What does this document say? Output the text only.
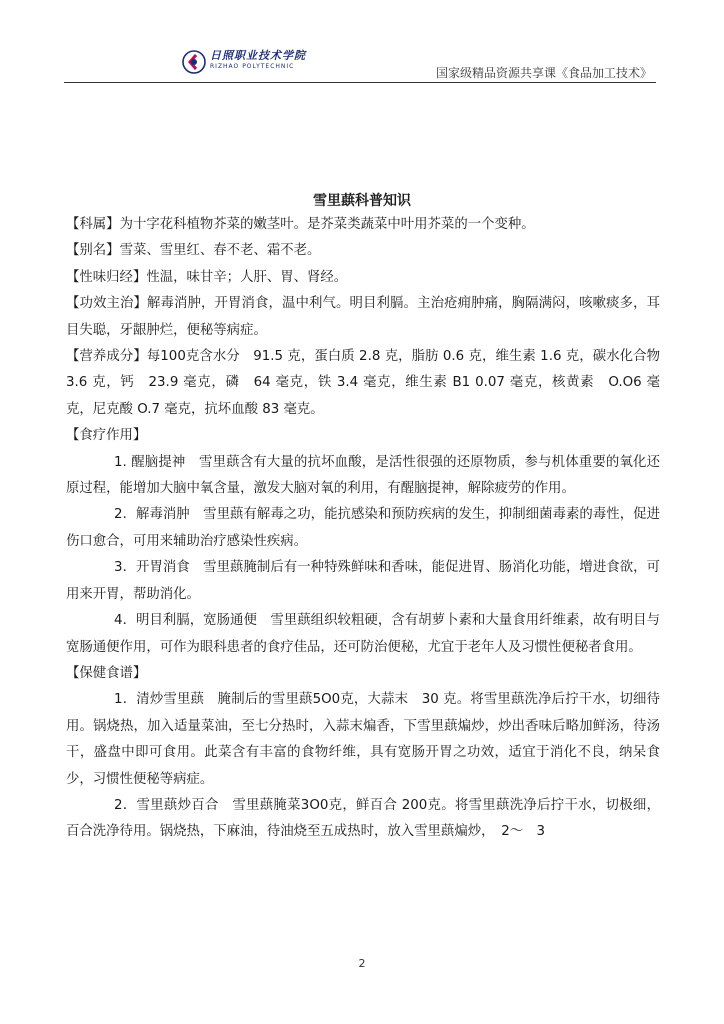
日照职业技术学院
RIZHAO POLYTECHNIC	国家级精品资源共享课《食品加工技术》
雪里蕻科普知识

【科属】为十字花科植物芥菜的嫩茎叶。是芥菜类蔬菜中叶用芥菜的一个变种。

【别名】雪菜、雪里红、春不老、霜不老。

【性味归经】性温，味甘辛；人肝、胃、肾经。

【功效主治】解毒消肿，开胃消食，温中利气。明目利膈。主治疮痈肿痛，胸隔满闷，咳嗽痰多，耳目失聪，牙龈肿烂，便秘等病症。

【营养成分】每100克含水分　91.5 克，蛋白质 2.8 克，脂肪 0.6 克，维生素 1.6 克，碳水化合物 3.6 克，钙　23.9 毫克，磷　64 毫克，铁 3.4 毫克，维生素 B1 0.07 毫克，核黄素　O.O6 毫克，尼克酸 O.7 毫克，抗坏血酸 83 毫克。

【食疗作用】

1. 醒脑提神　雪里蕻含有大量的抗坏血酸，是活性很强的还原物质，参与机体重要的氧化还原过程，能增加大脑中氧含量，激发大脑对氧的利用，有醒脑提神，解除疲劳的作用。

2．解毒消肿　雪里蕻有解毒之功，能抗感染和预防疾病的发生，抑制细菌毒素的毒性，促进伤口愈合，可用来辅助治疗感染性疾病。

3．开胃消食　雪里蕻腌制后有一种特殊鲜味和香味，能促进胃、肠消化功能，增进食欲，可用来开胃，帮助消化。

4．明目利膈，宽肠通便　雪里蕻组织较粗硬，含有胡萝卜素和大量食用纤维素，故有明目与宽肠通便作用，可作为眼科患者的食疗佳品，还可防治便秘，尤宜于老年人及习惯性便秘者食用。

【保健食谱】

1．清炒雪里蕻　腌制后的雪里蕻5O0克，大蒜末　30 克。将雪里蕻洗净后拧干水，切细待用。锅烧热，加入适量菜油，至七分热时，入蒜末煸香，下雪里蕻煸炒，炒出香味后略加鲜汤，待汤干，盛盘中即可食用。此菜含有丰富的食物纤维，具有宽肠开胃之功效，适宜于消化不良，纳呆食少，习惯性便秘等病症。

2．雪里蕻炒百合　雪里蕻腌菜3O0克，鲜百合 200克。将雪里蕻洗净后拧干水，切极细，百合洗净待用。锅烧热，下麻油，待油烧至五成热时，放入雪里蕻煸炒，　2～　3

2
